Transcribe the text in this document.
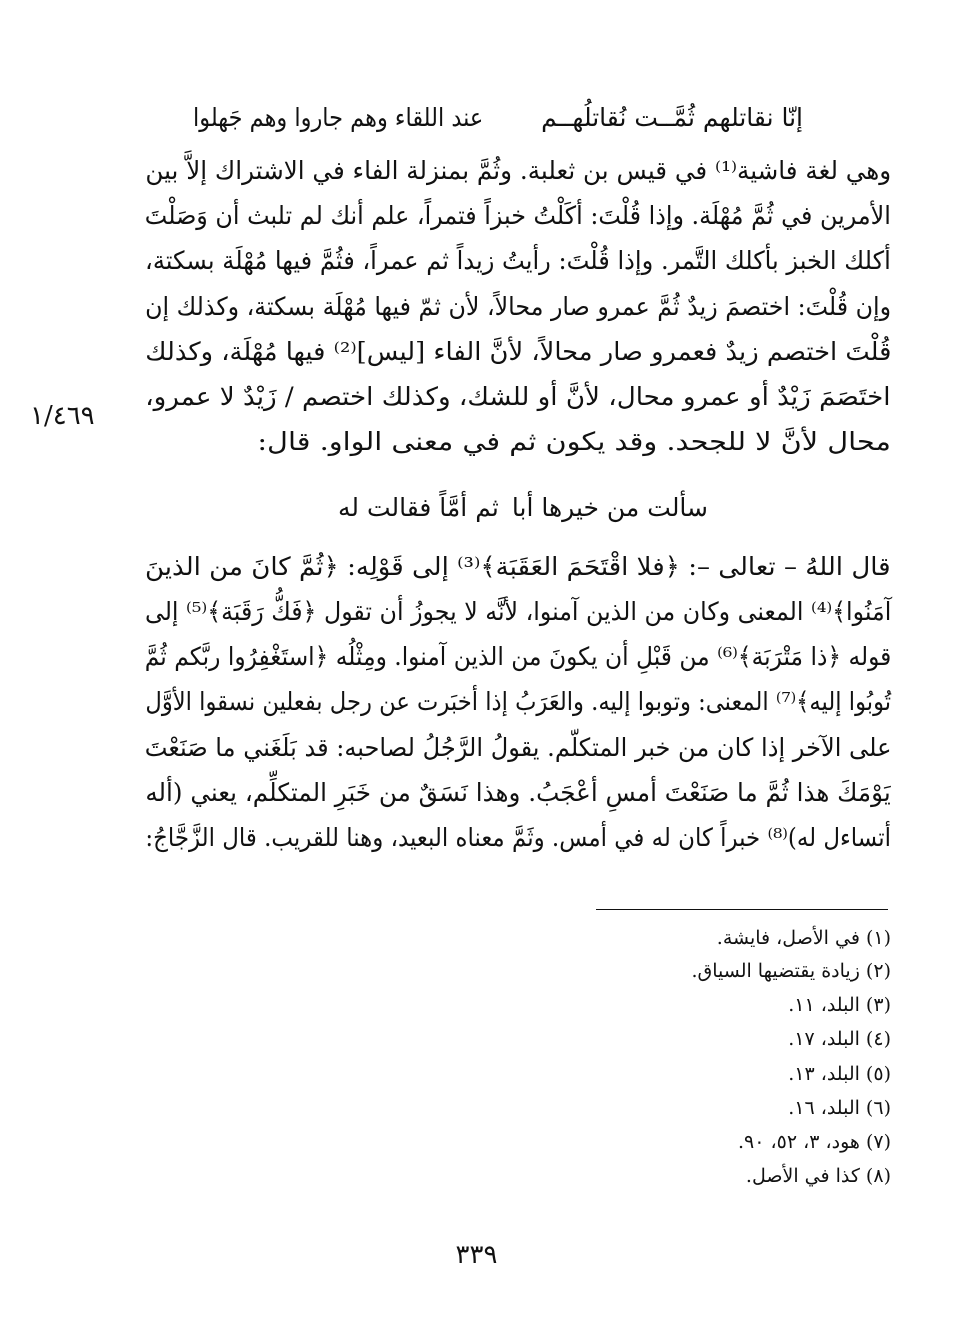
إنّا نقاتلهم ثُمَّــت نُقاتلُهــم
عند اللقاء وهم جاروا وهم جَهلوا
وهي لغة فاشية⁽¹⁾ في قيس بن ثعلبة. وثُمَّ بمنزلة الفاء في الاشتراك إلاَّ بين
الأمرين في ثُمَّ مُهْلَة. وإذا قُلْتَ: أكَلْتُ خبزاً فتمراً، علم أنك لم تلبث أن وَصَلْتَ
أكلك الخبز بأكلك التَّمر. وإذا قُلْتَ: رأيتُ زيداً ثم عمراً، فثُمَّ فيها مُهْلَة بسكتة،
وإن قُلْتَ: اختصمَ زيدٌ ثُمَّ عمرو صار محالاً، لأن ثمّ فيها مُهْلَة بسكتة، وكذلك إن
قُلْتَ اختصم زيدٌ فعمرو صار محالاً، لأنَّ الفاء [ليس]⁽²⁾ فيها مُهْلَة، وكذلك
اختَصَمَ زَيْدٌ أو عمرو محال، لأنَّ أو للشك، وكذلك اختصم / زَيْدٌ لا عمرو،
محال لأنَّ لا للجحد. وقد يكون ثم في معنى الواو. قال:
١/٤٦٩
سألت من خيرها أبا
ثم أمَّاً فقالت له
قال اللهُ – تعالى –: ﴿فلا اقْتَحَمَ العَقَبَة﴾⁽³⁾ إلى قَوْلِه: ﴿ثُمَّ كانَ من الذينَ
آمَنُوا﴾⁽⁴⁾ المعنى وكان من الذين آمنوا، لأنَّه لا يجوزُ أن تقول ﴿فَكُّ رَقَبَة﴾⁽⁵⁾ إلى
قوله ﴿ذا مَتْرَبَة﴾⁽⁶⁾ من قَبْلِ أن يكونَ من الذين آمنوا. ومِثْلُه ﴿استَغْفِرُوا ربَّكم ثُمَّ
تُوبُوا إليه﴾⁽⁷⁾ المعنى: وتوبوا إليه. والعَرَبُ إذا أخبَرت عن رجل بفعلين نسقوا الأوَّل
على الآخر إذا كان من خبر المتكلّم. يقولُ الرَّجُلُ لصاحبه: قد بَلَغَني ما صَنَعْتَ
يَوْمَكَ هذا ثُمَّ ما صَنَعْتَ أمسِ أعْجَبُ. وهذا نَسَقٌ من خَبَرِ المتكلِّم، يعني (أله
أتساءل له)⁽⁸⁾ خبراً كان له في أمس. وثَمَّ معناه البعيد، وهنا للقريب. قال الزَّجَّاجُ:
(١) في الأصل، فايشة.
(٢) زيادة يقتضيها السياق.
(٣) البلد، ١١.
(٤) البلد، ١٧.
(٥) البلد، ١٣.
(٦) البلد، ١٦.
(٧) هود، ٣، ٥٢، ٩٠.
(٨) كذا في الأصل.
٣٣٩
